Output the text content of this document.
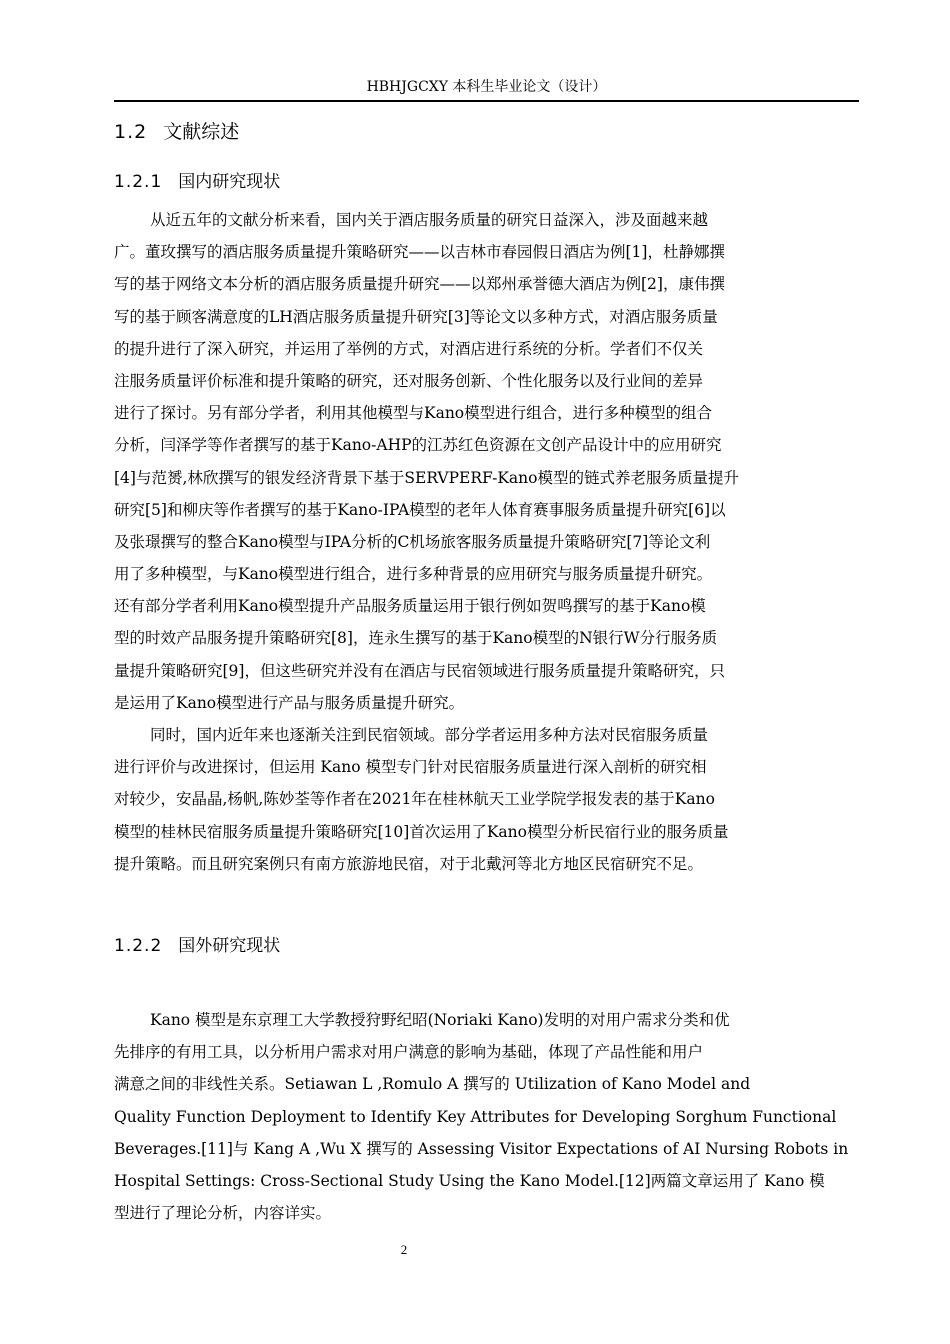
HBHJGCXY 本科生毕业论文（设计）
1.2 文献综述
1.2.1 国内研究现状
从近五年的文献分析来看，国内关于酒店服务质量的研究日益深入，涉及面越来越
广。董玫撰写的酒店服务质量提升策略研究——以吉林市春园假日酒店为例[1]，杜静娜撰
写的基于网络文本分析的酒店服务质量提升研究——以郑州承誉德大酒店为例[2]，康伟撰
写的基于顾客满意度的LH酒店服务质量提升研究[3]等论文以多种方式，对酒店服务质量
的提升进行了深入研究，并运用了举例的方式，对酒店进行系统的分析。学者们不仅关
注服务质量评价标准和提升策略的研究，还对服务创新、个性化服务以及行业间的差异
进行了探讨。另有部分学者，利用其他模型与Kano模型进行组合，进行多种模型的组合
分析，闫泽学等作者撰写的基于Kano-AHP的江苏红色资源在文创产品设计中的应用研究
[4]与范赟,林欣撰写的银发经济背景下基于SERVPERF-Kano模型的链式养老服务质量提升
研究[5]和柳庆等作者撰写的基于Kano-IPA模型的老年人体育赛事服务质量提升研究[6]以
及张璟撰写的整合Kano模型与IPA分析的C机场旅客服务质量提升策略研究[7]等论文利
用了多种模型，与Kano模型进行组合，进行多种背景的应用研究与服务质量提升研究。
还有部分学者利用Kano模型提升产品服务质量运用于银行例如贺鸣撰写的基于Kano模
型的时效产品服务提升策略研究[8]，连永生撰写的基于Kano模型的N银行W分行服务质
量提升策略研究[9]，但这些研究并没有在酒店与民宿领域进行服务质量提升策略研究，只
是运用了Kano模型进行产品与服务质量提升研究。
同时，国内近年来也逐渐关注到民宿领域。部分学者运用多种方法对民宿服务质量
进行评价与改进探讨，但运用 Kano 模型专门针对民宿服务质量进行深入剖析的研究相
对较少，安晶晶,杨帆,陈妙荃等作者在2021年在桂林航天工业学院学报发表的基于Kano
模型的桂林民宿服务质量提升策略研究[10]首次运用了Kano模型分析民宿行业的服务质量
提升策略。而且研究案例只有南方旅游地民宿，对于北戴河等北方地区民宿研究不足。
1.2.2 国外研究现状
Kano 模型是东京理工大学教授狩野纪昭(Noriaki Kano)发明的对用户需求分类和优
先排序的有用工具，以分析用户需求对用户满意的影响为基础，体现了产品性能和用户
满意之间的非线性关系。Setiawan L ,Romulo A 撰写的 Utilization of Kano Model and
Quality Function Deployment to Identify Key Attributes for Developing Sorghum Functional
Beverages.[11]与 Kang A ,Wu X 撰写的 Assessing Visitor Expectations of AI Nursing Robots in
Hospital Settings: Cross-Sectional Study Using the Kano Model.[12]两篇文章运用了 Kano 模
型进行了理论分析，内容详实。
2
